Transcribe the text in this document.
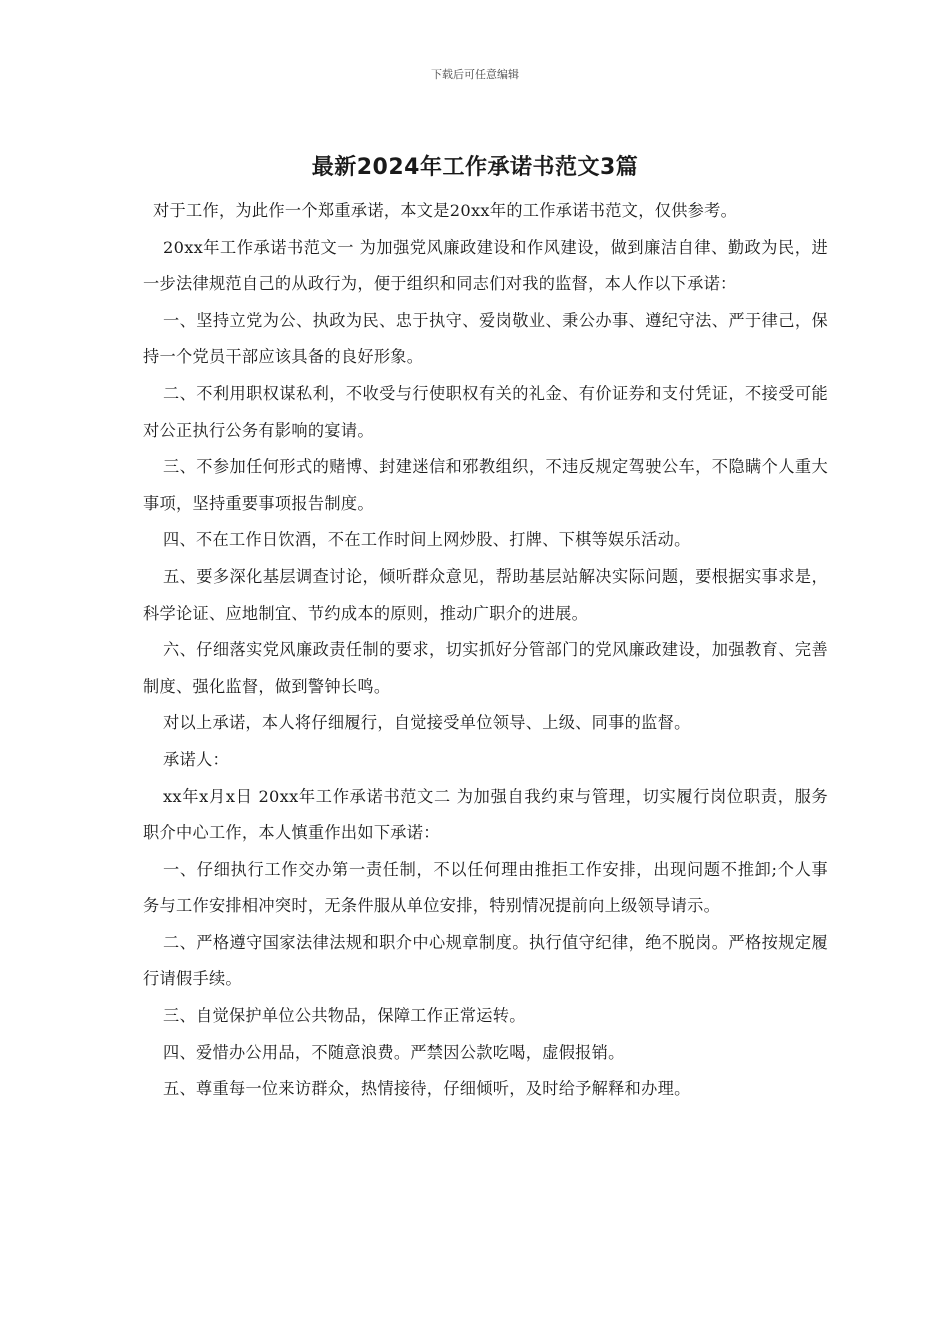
下载后可任意编辑
最新2024年工作承诺书范文3篇

对于工作，为此作一个郑重承诺，本文是20xx年的工作承诺书范文，仅供参考。

20xx年工作承诺书范文一 为加强党风廉政建设和作风建设，做到廉洁自律、勤政为民，进一步法律规范自己的从政行为，便于组织和同志们对我的监督，本人作以下承诺：

一、坚持立党为公、执政为民、忠于执守、爱岗敬业、秉公办事、遵纪守法、严于律己，保持一个党员干部应该具备的良好形象。

二、不利用职权谋私利，不收受与行使职权有关的礼金、有价证券和支付凭证，不接受可能对公正执行公务有影响的宴请。

三、不参加任何形式的赌博、封建迷信和邪教组织，不违反规定驾驶公车，不隐瞒个人重大事项，坚持重要事项报告制度。

四、不在工作日饮酒，不在工作时间上网炒股、打牌、下棋等娱乐活动。

五、要多深化基层调查讨论，倾听群众意见，帮助基层站解决实际问题，要根据实事求是，科学论证、应地制宜、节约成本的原则，推动广职介的进展。

六、仔细落实党风廉政责任制的要求，切实抓好分管部门的党风廉政建设，加强教育、完善制度、强化监督，做到警钟长鸣。

对以上承诺，本人将仔细履行，自觉接受单位领导、上级、同事的监督。

承诺人：

xx年x月x日 20xx年工作承诺书范文二 为加强自我约束与管理，切实履行岗位职责，服务职介中心工作，本人慎重作出如下承诺：

一、仔细执行工作交办第一责任制，不以任何理由推拒工作安排，出现问题不推卸;个人事务与工作安排相冲突时，无条件服从单位安排，特别情况提前向上级领导请示。

二、严格遵守国家法律法规和职介中心规章制度。执行值守纪律，绝不脱岗。严格按规定履行请假手续。

三、自觉保护单位公共物品，保障工作正常运转。

四、爱惜办公用品，不随意浪费。严禁因公款吃喝，虚假报销。

五、尊重每一位来访群众，热情接待，仔细倾听，及时给予解释和办理。
